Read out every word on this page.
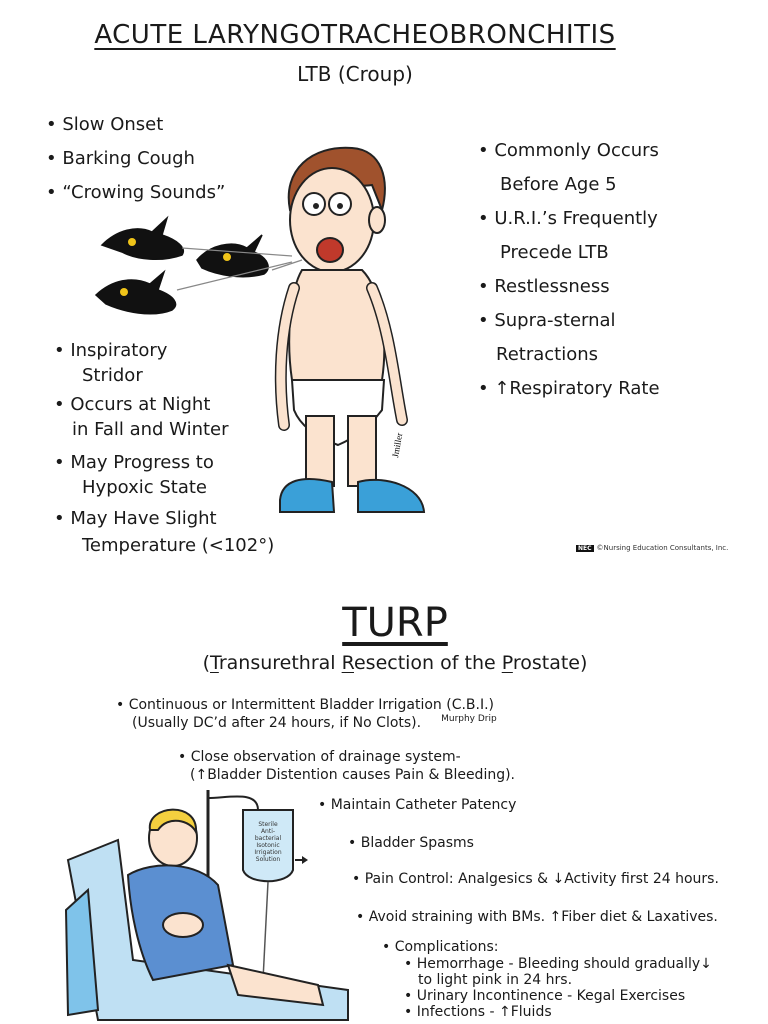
ACUTE LARYNGOTRACHEOBRONCHITIS
LTB (Croup)
• Slow Onset
• Barking Cough
• “Crowing Sounds”
• Inspiratory
Stridor
• Occurs at Night
in Fall and Winter
• May Progress to
Hypoxic State
• May Have Slight
Temperature (<102°)
• Commonly Occurs
Before Age 5
• U.R.I.’s Frequently
Precede LTB
• Restlessness
• Supra-sternal
Retractions
• ↑Respiratory Rate
Jmiller
NEC ©Nursing Education Consultants, Inc.
TURP
(Transurethral Resection of the Prostate)
• Continuous or Intermittent Bladder Irrigation (C.B.I.)
(Usually DC’d after 24 hours, if No Clots). Murphy Drip
• Close observation of drainage system-
(↑Bladder Distention causes Pain & Bleeding).
• Maintain Catheter Patency
• Bladder Spasms
• Pain Control: Analgesics & ↓Activity first 24 hours.
• Avoid straining with BMs. ↑Fiber diet & Laxatives.
• Complications:
• Hemorrhage - Bleeding should gradually↓
to light pink in 24 hrs.
• Urinary Incontinence - Kegal Exercises
• Infections - ↑Fluids
Sterile
Anti-
bacterial
Isotonic
Irrigation
Solution
